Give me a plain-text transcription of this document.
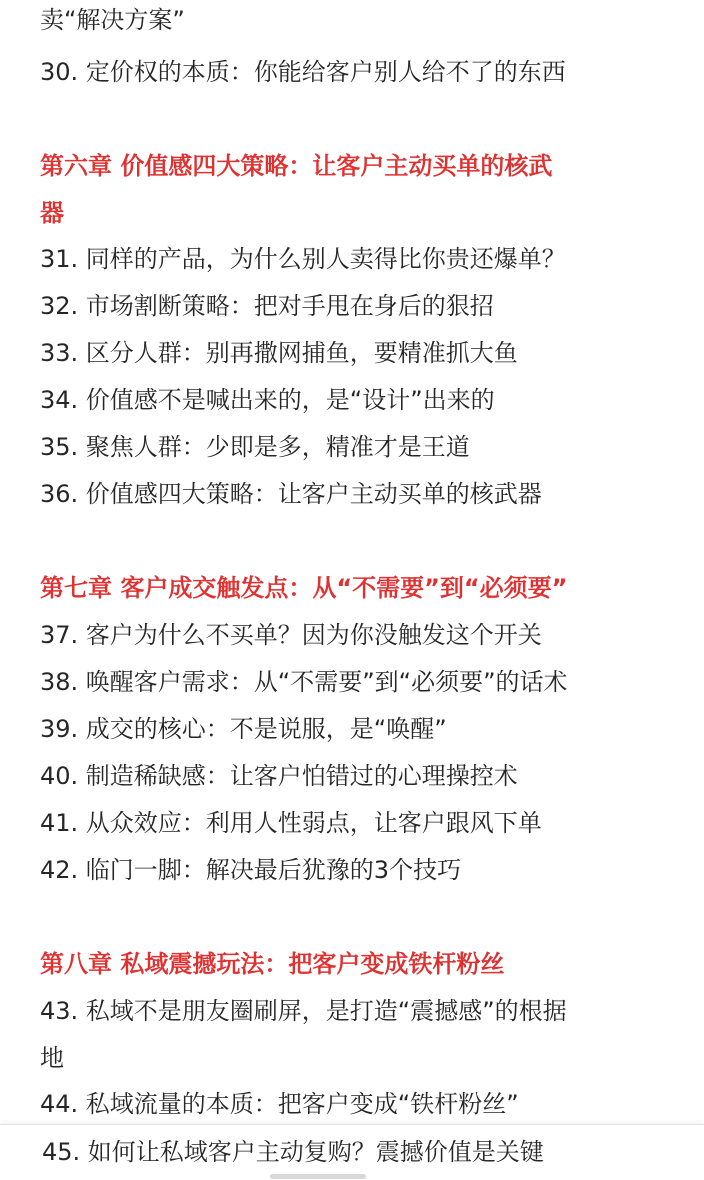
卖“解决方案”
30. 定价权的本质：你能给客户别人给不了的东西
第六章 价值感四大策略：让客户主动买单的核武
器
31. 同样的产品，为什么别人卖得比你贵还爆单？
32. 市场割断策略：把对手甩在身后的狠招
33. 区分人群：别再撒网捕鱼，要精准抓大鱼
34. 价值感不是喊出来的，是“设计”出来的
35. 聚焦人群：少即是多，精准才是王道
36. 价值感四大策略：让客户主动买单的核武器
第七章 客户成交触发点：从“不需要”到“必须要”
37. 客户为什么不买单？因为你没触发这个开关
38. 唤醒客户需求：从“不需要”到“必须要”的话术
39. 成交的核心：不是说服，是“唤醒”
40. 制造稀缺感：让客户怕错过的心理操控术
41. 从众效应：利用人性弱点，让客户跟风下单
42. 临门一脚：解决最后犹豫的3个技巧
第八章 私域震撼玩法：把客户变成铁杆粉丝
43. 私域不是朋友圈刷屏，是打造“震撼感”的根据
地
44. 私域流量的本质：把客户变成“铁杆粉丝”
45. 如何让私域客户主动复购？震撼价值是关键
